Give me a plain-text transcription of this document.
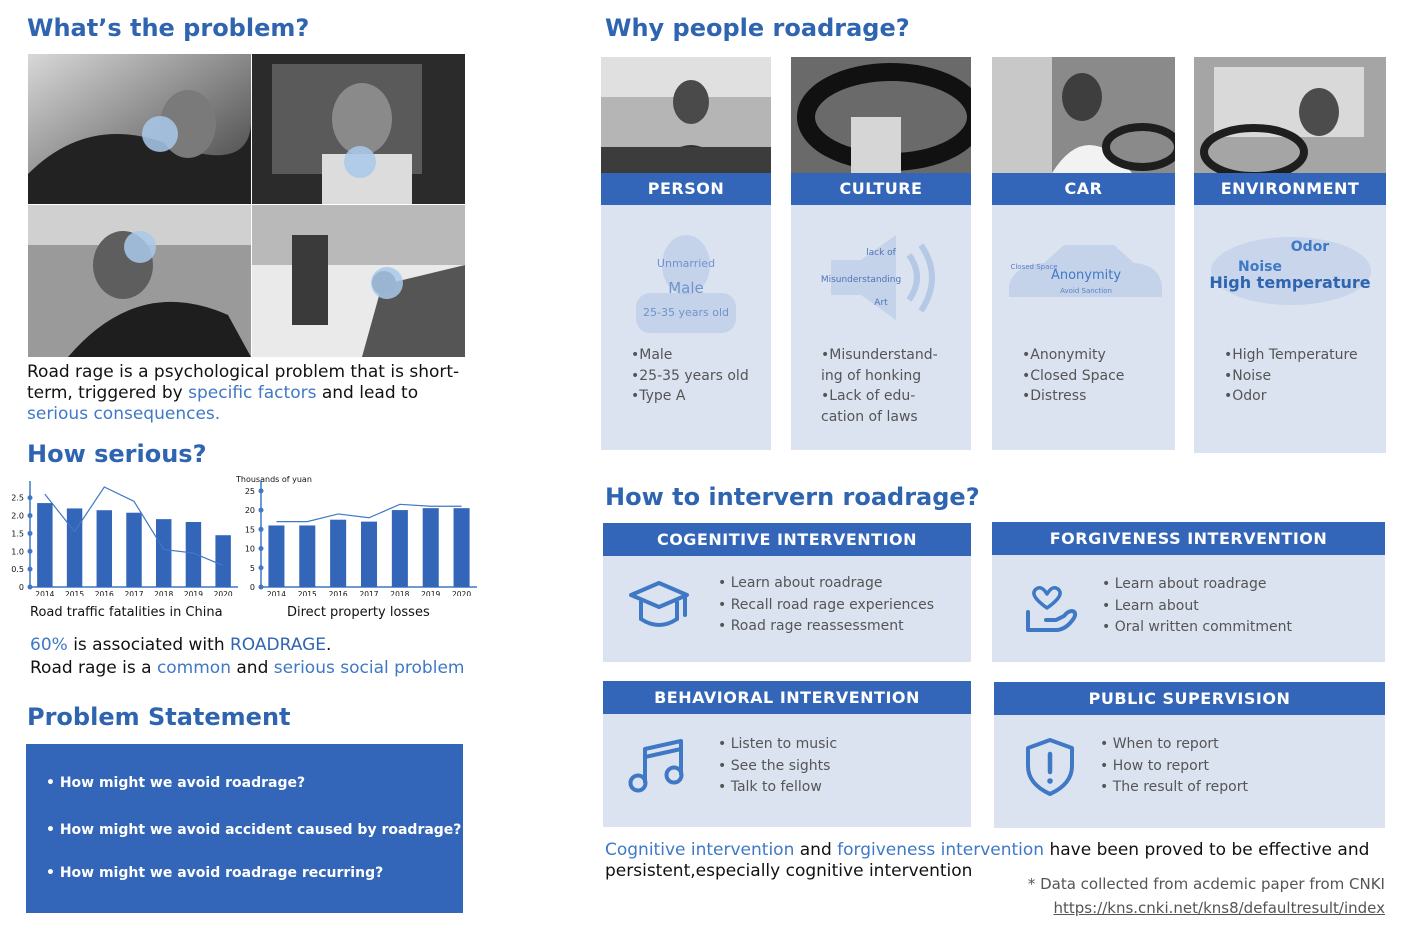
What’s the problem?
Road rage is a psychological problem that is short-term, triggered by specific factors and lead to serious consequences.
How serious?
0
0.5
1.0
1.5
2.0
2.5
2014 2015 2016 2017 2018 2019 2020
0
5
10
15
20
25
2014 2015 2016 2017 2018 2019 2020
Thousands of yuan
Road traffic fatalities in China	Direct property losses
60% is associated with ROADRAGE.
Road rage is a common and serious social problem
Problem Statement
• How might we avoid roadrage?
• How might we avoid accident caused by roadrage?
• How might we avoid roadrage recurring?
Why people roadrage?
PERSON
Unmarried
Male
25-35 years old
•Male
•25-35 years old
•Type A
CULTURE
lack of
Misunderstanding
Art
•Misunderstand-
ing of honking
•Lack of edu-
cation of laws
CAR
Anonymity
Closed Space
Avoid Sanction
•Anonymity
•Closed Space
•Distress
ENVIRONMENT
Odor
Noise
High temperature
•High Temperature
•Noise
•Odor
How to intervern roadrage?
COGENITIVE INTERVENTION
• Learn about roadrage
• Recall road rage experiences
• Road rage reassessment
FORGIVENESS INTERVENTION
• Learn about roadrage
• Learn about
• Oral written commitment
BEHAVIORAL INTERVENTION
• Listen to music
• See the sights
• Talk to fellow
PUBLIC SUPERVISION
• When to report
• How to report
• The result of report
Cognitive intervention and forgiveness intervention have been proved to be effective and persistent,especially cognitive intervention
* Data collected from acdemic paper from CNKI
https://kns.cnki.net/kns8/defaultresult/index
